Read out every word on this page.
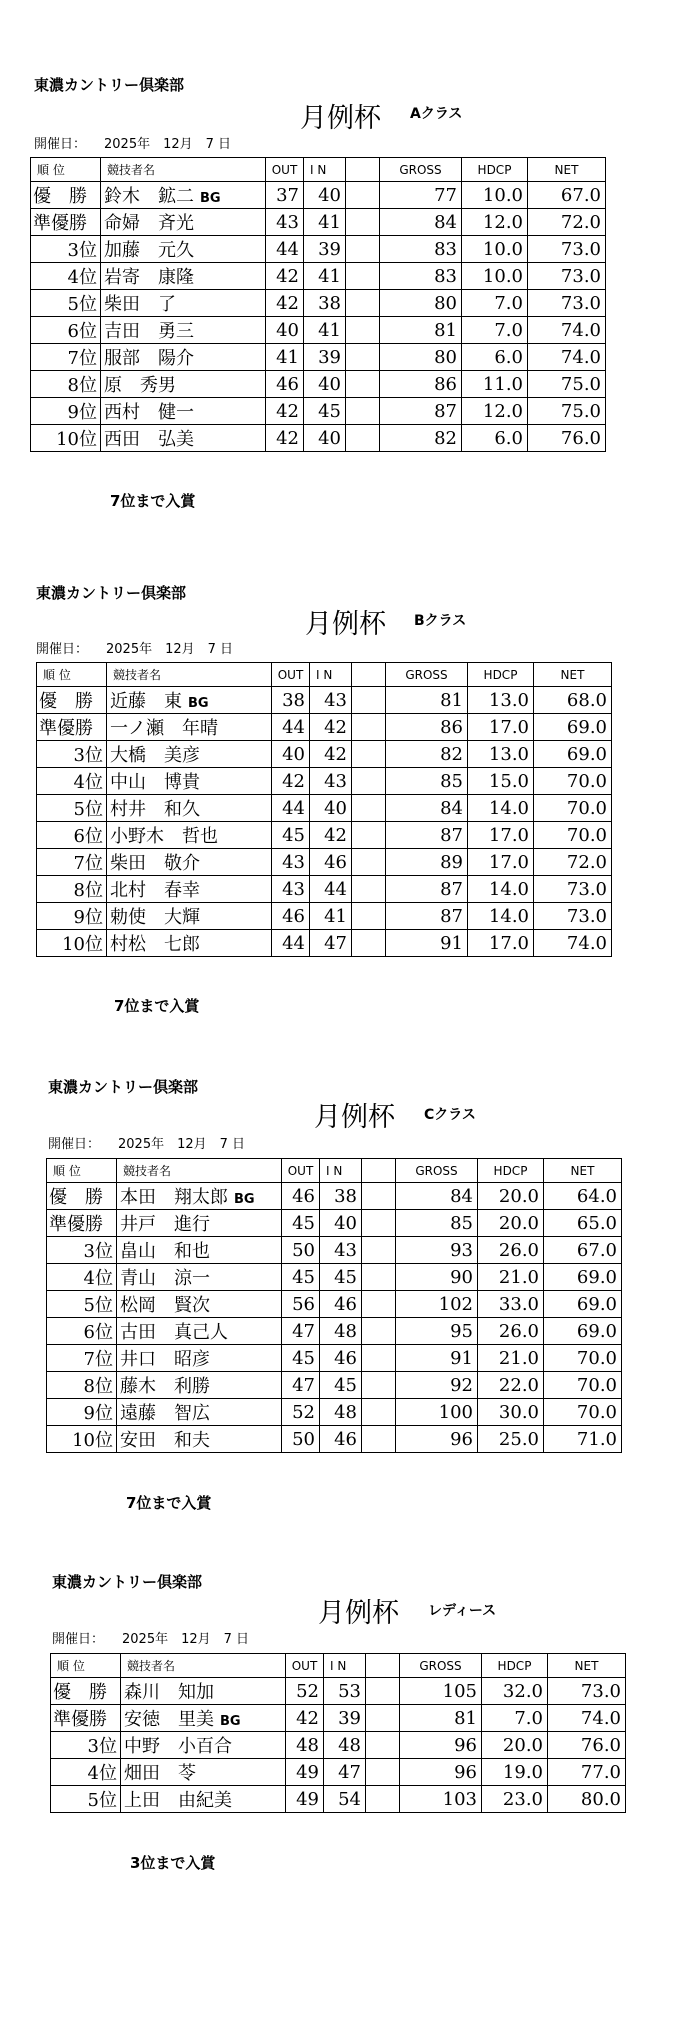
東濃カントリー倶楽部
月例杯 Aクラス
開催日： 2025年　12月　7 日
順 位	競技者名	OUT	I N		GROSS	HDCP	NET
優　勝	鈴木　鉱二 BG	37	40		77	10.0	67.0
準優勝	命婦　斉光	43	41		84	12.0	72.0
3位	加藤　元久	44	39		83	10.0	73.0
4位	岩寄　康隆	42	41		83	10.0	73.0
5位	柴田　了	42	38		80	7.0	73.0
6位	吉田　勇三	40	41		81	7.0	74.0
7位	服部　陽介	41	39		80	6.0	74.0
8位	原　秀男	46	40		86	11.0	75.0
9位	西村　健一	42	45		87	12.0	75.0
10位	西田　弘美	42	40		82	6.0	76.0
7位まで入賞
東濃カントリー倶楽部
月例杯 Bクラス
開催日： 2025年　12月　7 日
順 位	競技者名	OUT	I N		GROSS	HDCP	NET
優　勝	近藤　東 BG	38	43		81	13.0	68.0
準優勝	一ノ瀬　年晴	44	42		86	17.0	69.0
3位	大橋　美彦	40	42		82	13.0	69.0
4位	中山　博貴	42	43		85	15.0	70.0
5位	村井　和久	44	40		84	14.0	70.0
6位	小野木　哲也	45	42		87	17.0	70.0
7位	柴田　敬介	43	46		89	17.0	72.0
8位	北村　春幸	43	44		87	14.0	73.0
9位	勅使　大輝	46	41		87	14.0	73.0
10位	村松　七郎	44	47		91	17.0	74.0
7位まで入賞
東濃カントリー倶楽部
月例杯 Cクラス
開催日： 2025年　12月　7 日
順 位	競技者名	OUT	I N		GROSS	HDCP	NET
優　勝	本田　翔太郎 BG	46	38		84	20.0	64.0
準優勝	井戸　進行	45	40		85	20.0	65.0
3位	畠山　和也	50	43		93	26.0	67.0
4位	青山　涼一	45	45		90	21.0	69.0
5位	松岡　賢次	56	46		102	33.0	69.0
6位	古田　真己人	47	48		95	26.0	69.0
7位	井口　昭彦	45	46		91	21.0	70.0
8位	藤木　利勝	47	45		92	22.0	70.0
9位	遠藤　智広	52	48		100	30.0	70.0
10位	安田　和夫	50	46		96	25.0	71.0
7位まで入賞
東濃カントリー倶楽部
月例杯 レディース
開催日： 2025年　12月　7 日
順 位	競技者名	OUT	I N		GROSS	HDCP	NET
優　勝	森川　知加	52	53		105	32.0	73.0
準優勝	安徳　里美 BG	42	39		81	7.0	74.0
3位	中野　小百合	48	48		96	20.0	76.0
4位	畑田　苓	49	47		96	19.0	77.0
5位	上田　由紀美	49	54		103	23.0	80.0
3位まで入賞
